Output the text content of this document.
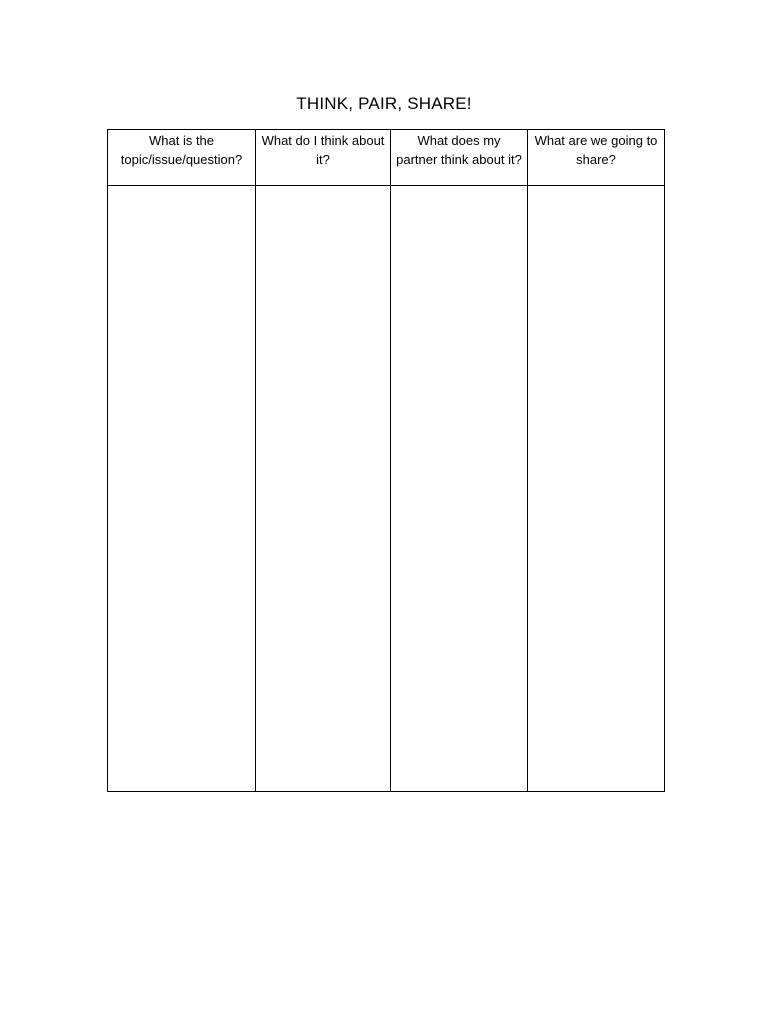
THINK, PAIR, SHARE!
What is the topic/issue/question?	What do I think about it?	What does my partner think about it?	What are we going to share?
